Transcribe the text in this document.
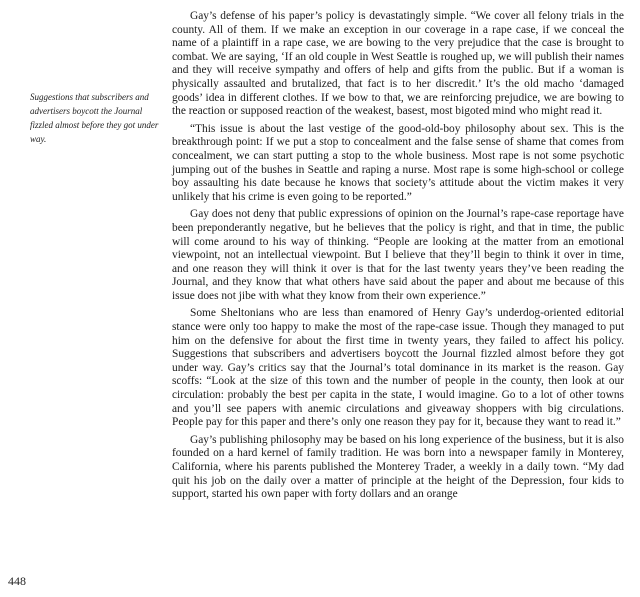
Suggestions that subscribers and advertisers boycott the Journal fizzled almost before they got under way.

Gay’s defense of his paper’s policy is devastatingly simple. “We cover all felony trials in the county. All of them. If we make an exception in our coverage in a rape case, if we conceal the name of a plaintiff in a rape case, we are bowing to the very prejudice that the case is brought to combat. We are saying, ‘If an old couple in West Seattle is roughed up, we will publish their names and they will receive sympathy and offers of help and gifts from the public. But if a woman is physically assaulted and brutalized, that fact is to her discredit.’ It’s the old macho ‘damaged goods’ idea in different clothes. If we bow to that, we are reinforcing prejudice, we are bowing to the reaction or supposed reaction of the weakest, basest, most bigoted mind who might read it.

“This issue is about the last vestige of the good-old-boy philosophy about sex. This is the breakthrough point: If we put a stop to concealment and the false sense of shame that comes from concealment, we can start putting a stop to the whole business. Most rape is not some psychotic jumping out of the bushes in Seattle and raping a nurse. Most rape is some high-school or college boy assaulting his date because he knows that society’s attitude about the victim makes it very unlikely that his crime is even going to be reported.”

Gay does not deny that public expressions of opinion on the Journal’s rape-case reportage have been preponderantly negative, but he believes that the policy is right, and that in time, the public will come around to his way of thinking. “People are looking at the matter from an emotional viewpoint, not an intellectual viewpoint. But I believe that they’ll begin to think it over in time, and one reason they will think it over is that for the last twenty years they’ve been reading the Journal, and they know that what others have said about the paper and about me because of this issue does not jibe with what they know from their own experience.”

Some Sheltonians who are less than enamored of Henry Gay’s underdog-oriented editorial stance were only too happy to make the most of the rape-case issue. Though they managed to put him on the defensive for about the first time in twenty years, they failed to affect his policy. Suggestions that subscribers and advertisers boycott the Journal fizzled almost before they got under way. Gay’s critics say that the Journal’s total dominance in its market is the reason. Gay scoffs: “Look at the size of this town and the number of people in the county, then look at our circulation: probably the best per capita in the state, I would imagine. Go to a lot of other towns and you’ll see papers with anemic circulations and giveaway shoppers with big circulations. People pay for this paper and there’s only one reason they pay for it, because they want to read it.”

Gay’s publishing philosophy may be based on his long experience of the business, but it is also founded on a hard kernel of family tradition. He was born into a newspaper family in Monterey, California, where his parents published the Monterey Trader, a weekly in a daily town. “My dad quit his job on the daily over a matter of principle at the height of the Depression, four kids to support, started his own paper with forty dollars and an orange

448
